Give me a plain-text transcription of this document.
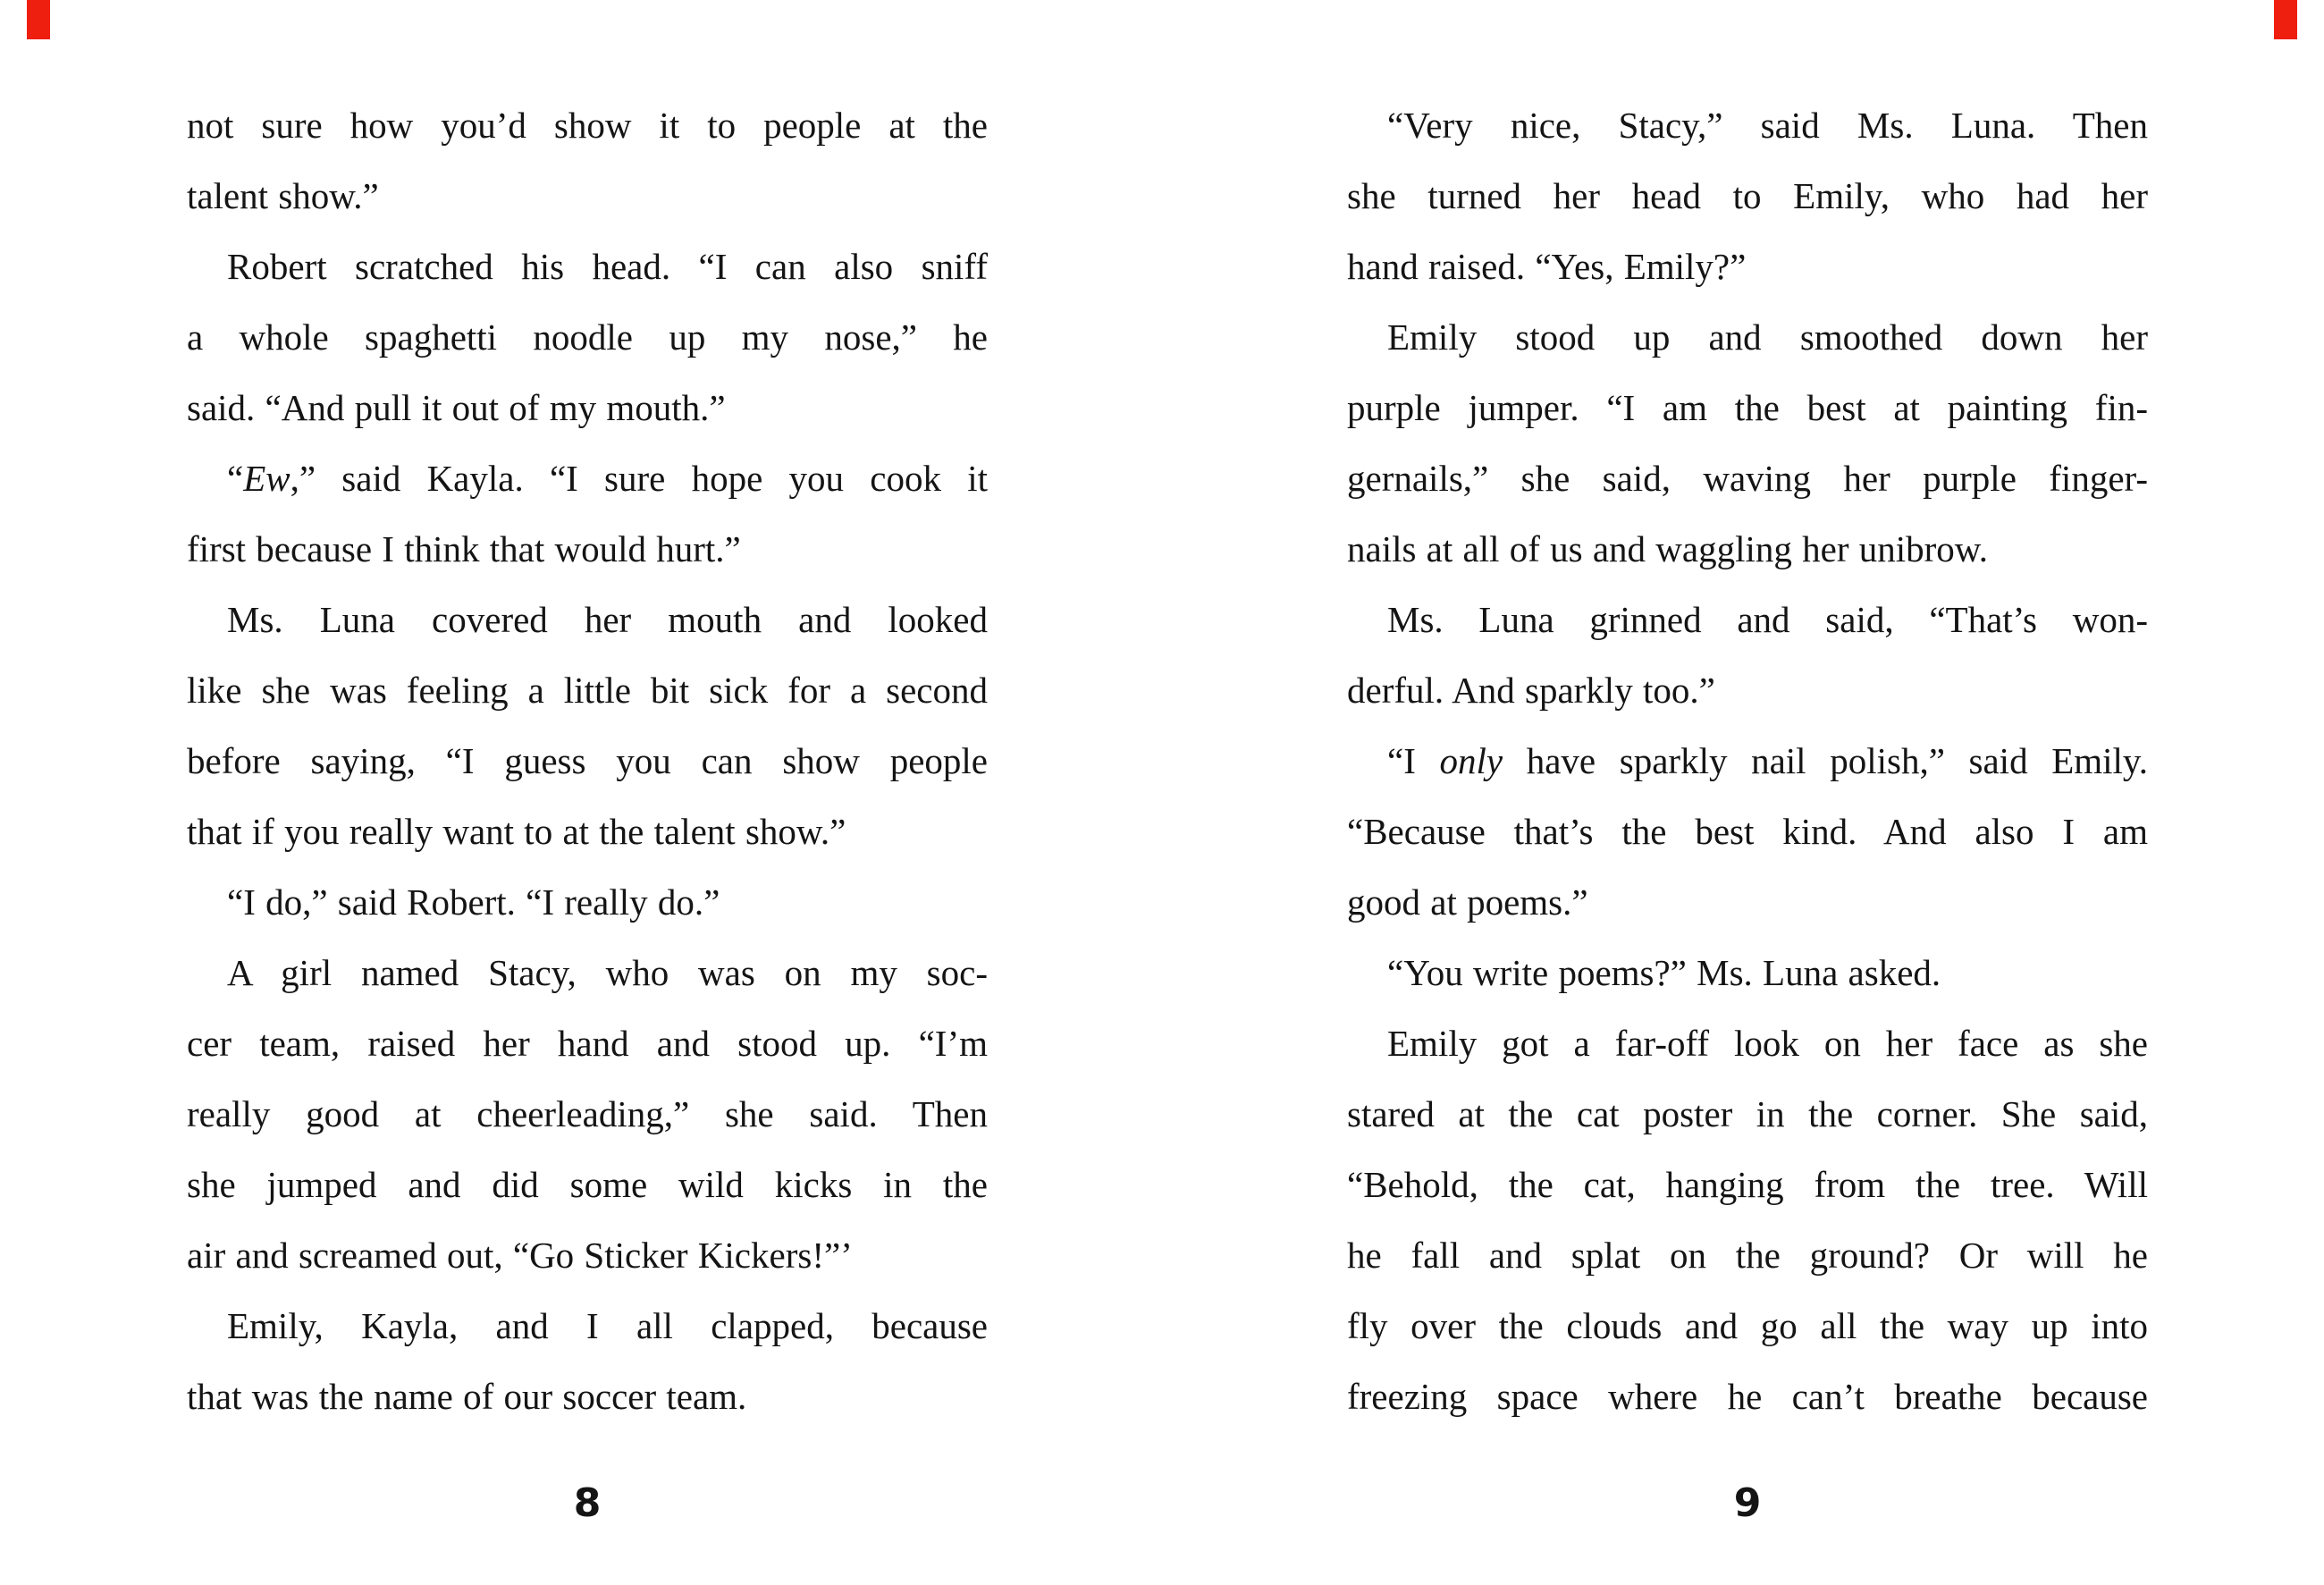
not sure how you’d show it to people at the
talent show.”
Robert scratched his head. “I can also sniff
a whole spaghetti noodle up my nose,” he
said. “And pull it out of my mouth.”
“Ew,” said Kayla. “I sure hope you cook it
first because I think that would hurt.”
Ms. Luna covered her mouth and looked
like she was feeling a little bit sick for a second
before saying, “I guess you can show people
that if you really want to at the talent show.”
“I do,” said Robert. “I really do.”
A girl named Stacy, who was on my soc-
cer team, raised her hand and stood up. “I’m
really good at cheerleading,” she said. Then
she jumped and did some wild kicks in the
air and screamed out, “Go Sticker Kickers!”’
Emily, Kayla, and I all clapped, because
that was the name of our soccer team.
“Very nice, Stacy,” said Ms. Luna. Then
she turned her head to Emily, who had her
hand raised. “Yes, Emily?”
Emily stood up and smoothed down her
purple jumper. “I am the best at painting fin-
gernails,” she said, waving her purple finger-
nails at all of us and waggling her unibrow.
Ms. Luna grinned and said, “That’s won-
derful. And sparkly too.”
“I only have sparkly nail polish,” said Emily.
“Because that’s the best kind. And also I am
good at poems.”
“You write poems?” Ms. Luna asked.
Emily got a far-off look on her face as she
stared at the cat poster in the corner. She said,
“Behold, the cat, hanging from the tree. Will
he fall and splat on the ground? Or will he
fly over the clouds and go all the way up into
freezing space where he can’t breathe because
8	9
